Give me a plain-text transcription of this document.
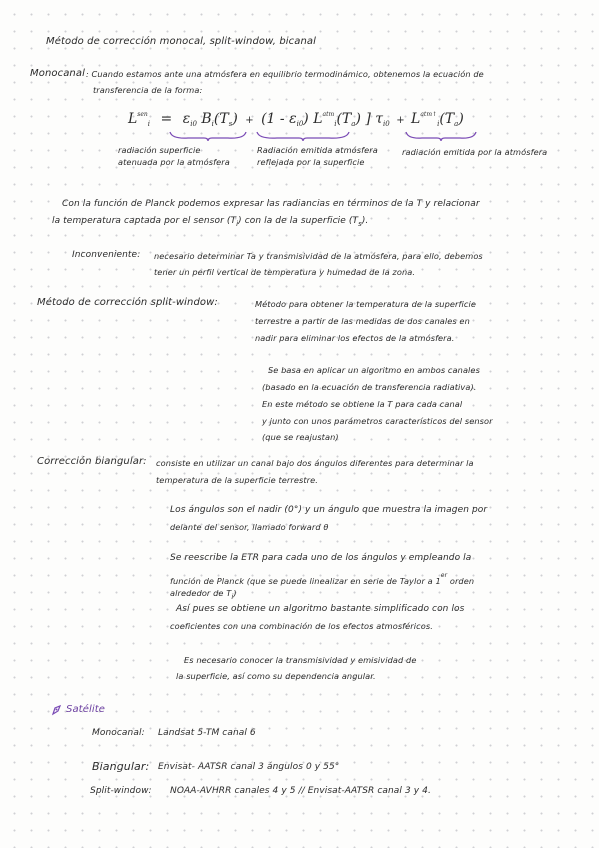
Método de corrección monocal, split-window, bicanal
Monocanal : Cuando estamos ante una atmósfera en equilibrio termodinámico, obtenemos la ecuación de
transferencia de la forma:
$L^{sen}_i = \varepsilon_{i0}$ $B_i(T_s) + (1 - \varepsilon_{i0})$ $L^{atm}_i(T_a)$ ] $\tau_{i0} + L^{atm↑}_i(T_a)$
radiación superficie
atenuada por la atmósfera
Radiación emitida atmósfera
reflejada por la superficie
radiación emitida por la atmósfera
Con la función de Planck podemos expresar las radiancias en términos de la T y relacionar
la temperatura captada por el sensor $(T_i)$ con la de la superficie $(T_s)$.
Inconveniente: necesario determinar Ta y transmisividad de la atmósfera, para ello, debemos
tener un perfil vertical de temperatura y humedad de la zona.
Método de corrección split-window:	Método para obtener la temperatura de la superficie
terrestre a partir de las medidas de dos canales en
nadir para eliminar los efectos de la atmósfera.
Se basa en aplicar un algoritmo en ambos canales
(basado en la ecuación de transferencia radiativa).
En este método se obtiene la T para cada canal
y junto con unos parámetros característicos del sensor
(que se reajustan)
Corrección biangular: consiste en utilizar un canal bajo dos ángulos diferentes para determinar la
temperatura de la superficie terrestre.
Los ángulos son el nadir (0°) y un ángulo que muestra la imagen por
delante del sensor, llamado forward θ
Se reescribe la ETR para cada uno de los ángulos y empleando la
función de Planck (que se puede linealizar en serie de Taylor a 1er orden
alrededor de Ti)
Así pues se obtiene un algoritmo bastante simplificado con los
coeficientes con una combinación de los efectos atmosféricos.
Es necesario conocer la transmisividad y emisividad de
la superficie, así como su dependencia angular.
Satélite
Monocanal: Landsat 5-TM canal 6
Biangular: Envisat- AATSR canal 3 ángulos 0 y 55°
Split-window: NOAA-AVHRR canales 4 y 5 // Envisat-AATSR canal 3 y 4.
